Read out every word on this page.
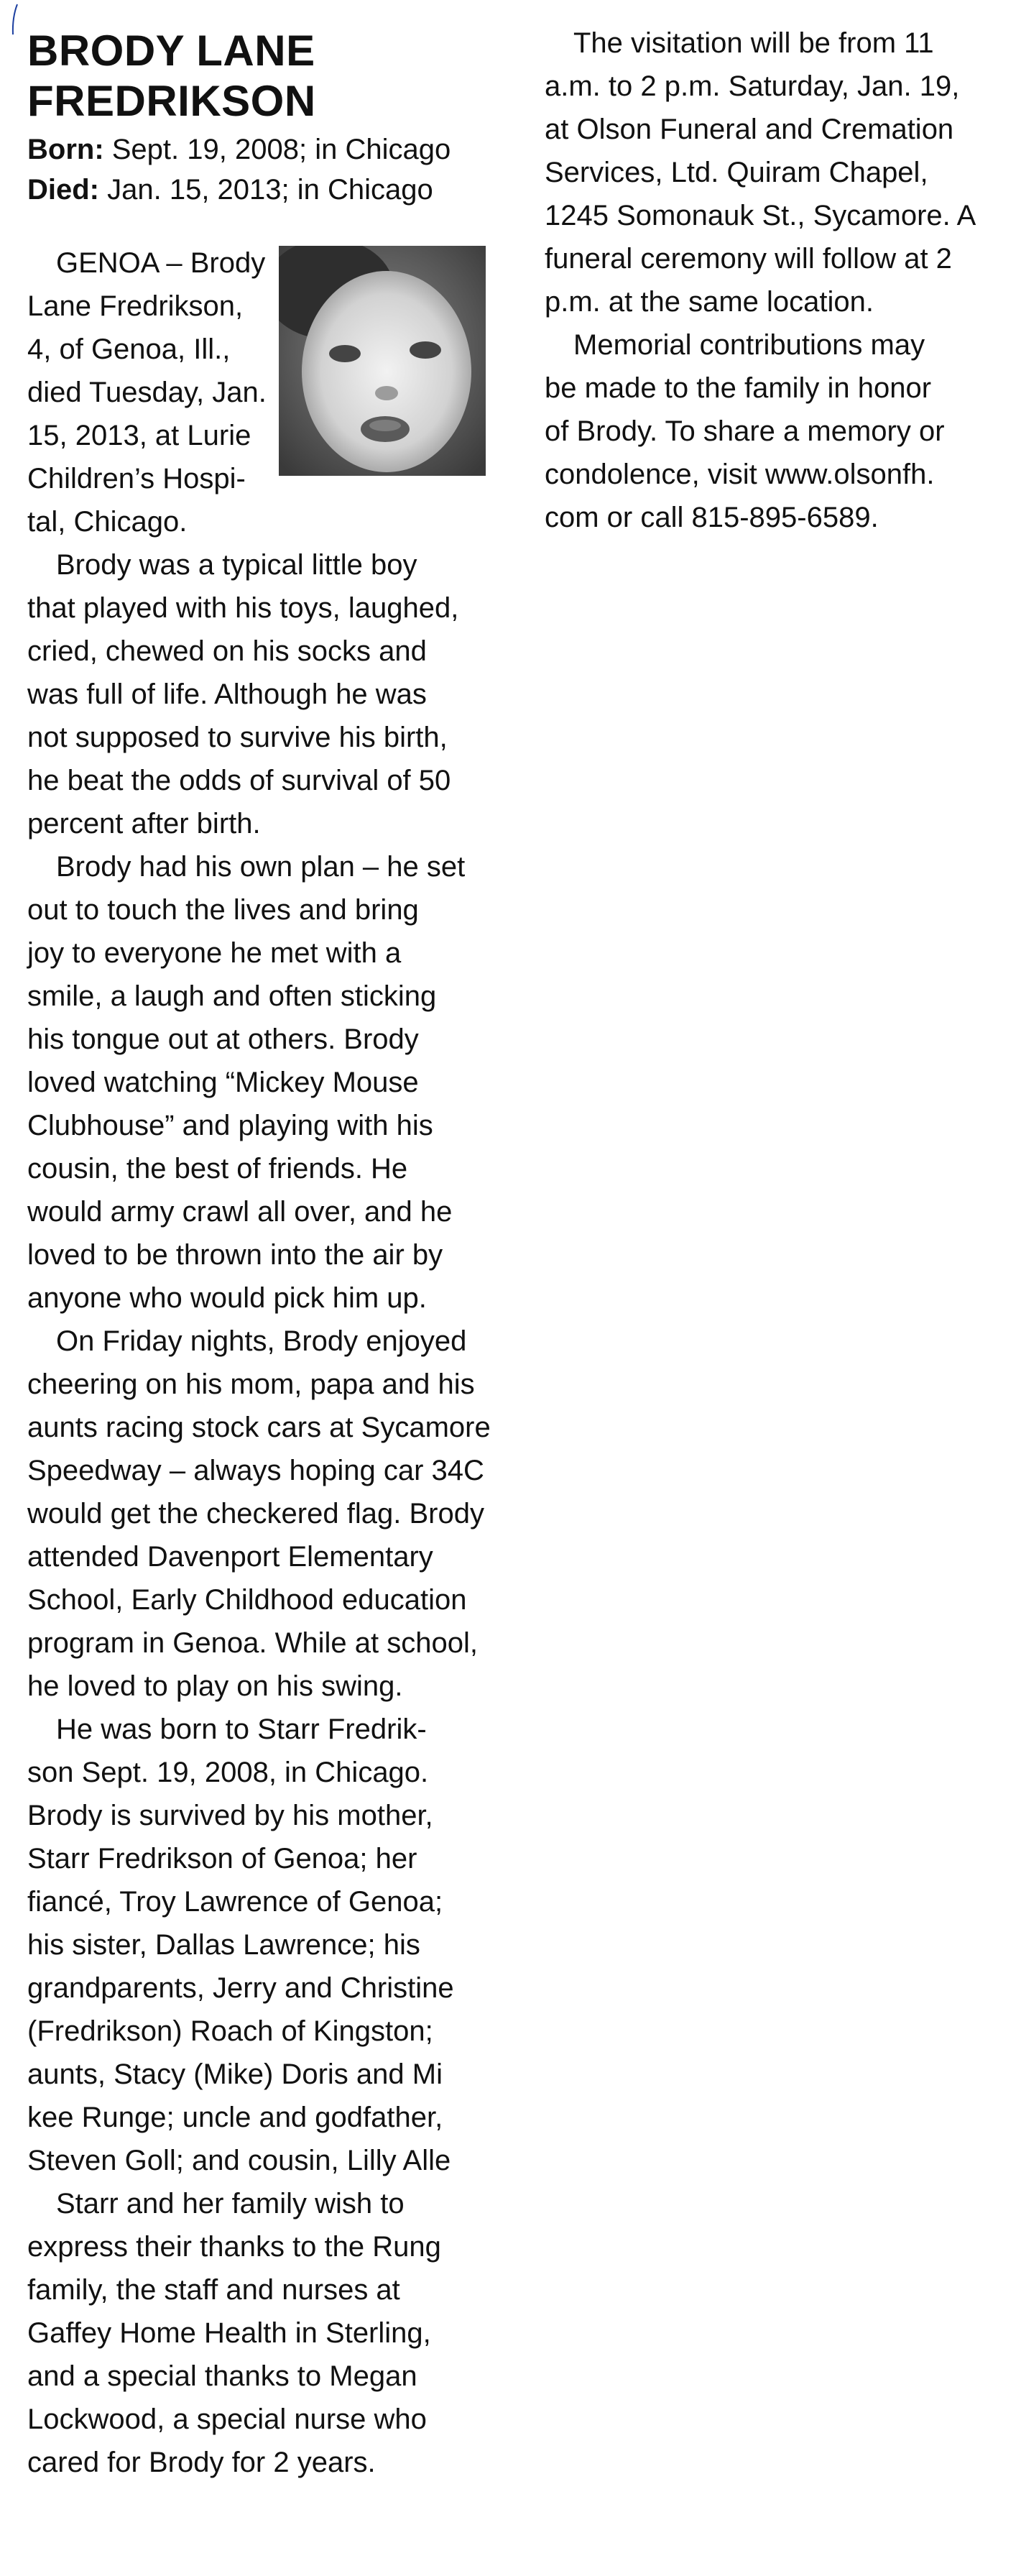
BRODY LANE
FREDRIKSON
Born: Sept. 19, 2008; in Chicago
Died: Jan. 15, 2013; in Chicago

GENOA – Brody
Lane Fredrikson,
4, of Genoa, Ill.,
died Tuesday, Jan.
15, 2013, at Lurie
Children’s Hospi-
tal, Chicago.

Brody was a typical little boy
that played with his toys, laughed,
cried, chewed on his socks and
was full of life. Although he was
not supposed to survive his birth,
he beat the odds of survival of 50
percent after birth.

Brody had his own plan – he set
out to touch the lives and bring
joy to everyone he met with a
smile, a laugh and often sticking
his tongue out at others. Brody
loved watching “Mickey Mouse
Clubhouse” and playing with his
cousin, the best of friends. He
would army crawl all over, and he
loved to be thrown into the air by
anyone who would pick him up.

On Friday nights, Brody enjoyed
cheering on his mom, papa and his
aunts racing stock cars at Sycamore
Speedway – always hoping car 34C
would get the checkered flag. Brody
attended Davenport Elementary
School, Early Childhood education
program in Genoa. While at school,
he loved to play on his swing.

He was born to Starr Fredrik-
son Sept. 19, 2008, in Chicago.
Brody is survived by his mother,
Starr Fredrikson of Genoa; her
fiancé, Troy Lawrence of Genoa;
his sister, Dallas Lawrence; his
grandparents, Jerry and Christine
(Fredrikson) Roach of Kingston;
aunts, Stacy (Mike) Doris and Mi
kee Runge; uncle and godfather,
Steven Goll; and cousin, Lilly Alle

Starr and her family wish to
express their thanks to the Rung
family, the staff and nurses at
Gaffey Home Health in Sterling,
and a special thanks to Megan
Lockwood, a special nurse who
cared for Brody for 2 years.

The visitation will be from 11
a.m. to 2 p.m. Saturday, Jan. 19,
at Olson Funeral and Cremation
Services, Ltd. Quiram Chapel,
1245 Somonauk St., Sycamore. A
funeral ceremony will follow at 2
p.m. at the same location.

Memorial contributions may
be made to the family in honor
of Brody. To share a memory or
condolence, visit www.olsonfh.
com or call 815-895-6589.
